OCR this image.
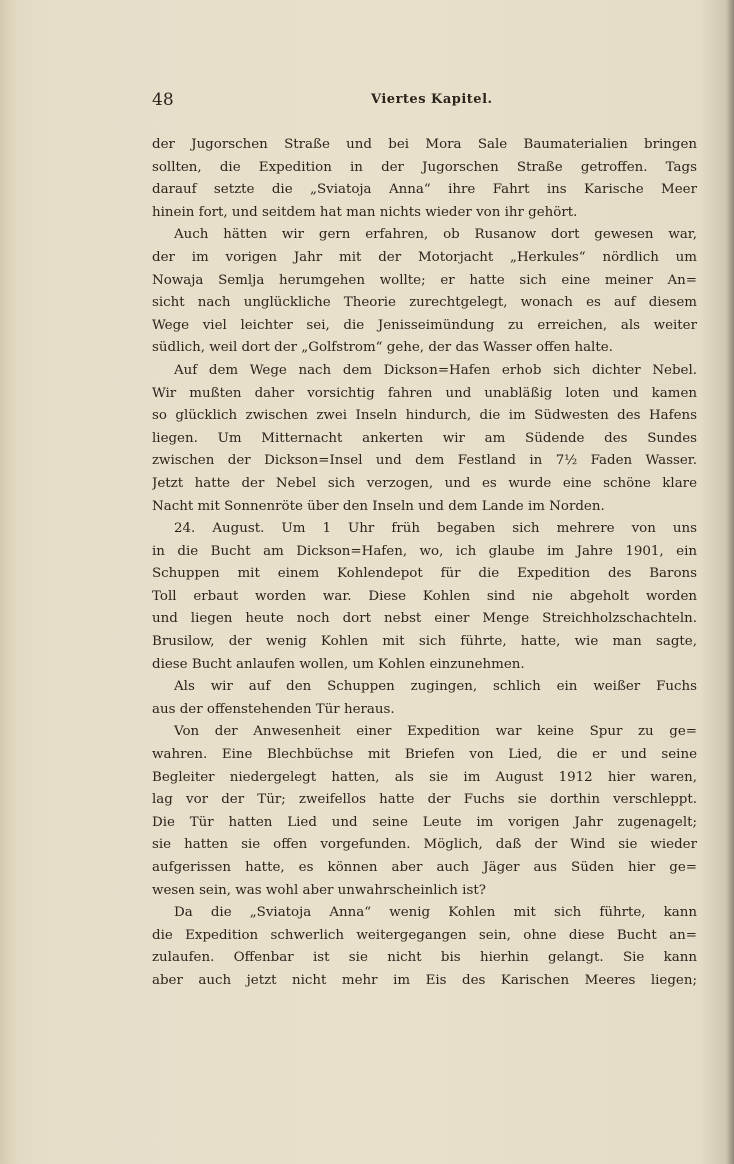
48	Viertes Kapitel.
der Jugorschen Straße und bei Mora Sale Baumaterialien bringen
sollten, die Expedition in der Jugorschen Straße getroffen. Tags
darauf setzte die „Sviatoja Anna“ ihre Fahrt ins Karische Meer
hinein fort, und seitdem hat man nichts wieder von ihr gehört.
Auch hätten wir gern erfahren, ob Rusanow dort gewesen war,
der im vorigen Jahr mit der Motorjacht „Herkules“ nördlich um
Nowaja Semlja herumgehen wollte; er hatte sich eine meiner An=
sicht nach unglückliche Theorie zurechtgelegt, wonach es auf diesem
Wege viel leichter sei, die Jenisseimündung zu erreichen, als weiter
südlich, weil dort der „Golfstrom“ gehe, der das Wasser offen halte.
Auf dem Wege nach dem Dickson=Hafen erhob sich dichter Nebel.
Wir mußten daher vorsichtig fahren und unabläßig loten und kamen
so glücklich zwischen zwei Inseln hindurch, die im Südwesten des Hafens
liegen. Um Mitternacht ankerten wir am Südende des Sundes
zwischen der Dickson=Insel und dem Festland in 7½ Faden Wasser.
Jetzt hatte der Nebel sich verzogen, und es wurde eine schöne klare
Nacht mit Sonnenröte über den Inseln und dem Lande im Norden.
24. August. Um 1 Uhr früh begaben sich mehrere von uns
in die Bucht am Dickson=Hafen, wo, ich glaube im Jahre 1901, ein
Schuppen mit einem Kohlendepot für die Expedition des Barons
Toll erbaut worden war. Diese Kohlen sind nie abgeholt worden
und liegen heute noch dort nebst einer Menge Streichholzschachteln.
Brusilow, der wenig Kohlen mit sich führte, hatte, wie man sagte,
diese Bucht anlaufen wollen, um Kohlen einzunehmen.
Als wir auf den Schuppen zugingen, schlich ein weißer Fuchs
aus der offenstehenden Tür heraus.
Von der Anwesenheit einer Expedition war keine Spur zu ge=
wahren. Eine Blechbüchse mit Briefen von Lied, die er und seine
Begleiter niedergelegt hatten, als sie im August 1912 hier waren,
lag vor der Tür; zweifellos hatte der Fuchs sie dorthin verschleppt.
Die Tür hatten Lied und seine Leute im vorigen Jahr zugenagelt;
sie hatten sie offen vorgefunden. Möglich, daß der Wind sie wieder
aufgerissen hatte, es können aber auch Jäger aus Süden hier ge=
wesen sein, was wohl aber unwahrscheinlich ist?
Da die „Sviatoja Anna“ wenig Kohlen mit sich führte, kann
die Expedition schwerlich weitergegangen sein, ohne diese Bucht an=
zulaufen. Offenbar ist sie nicht bis hierhin gelangt. Sie kann
aber auch jetzt nicht mehr im Eis des Karischen Meeres liegen;
